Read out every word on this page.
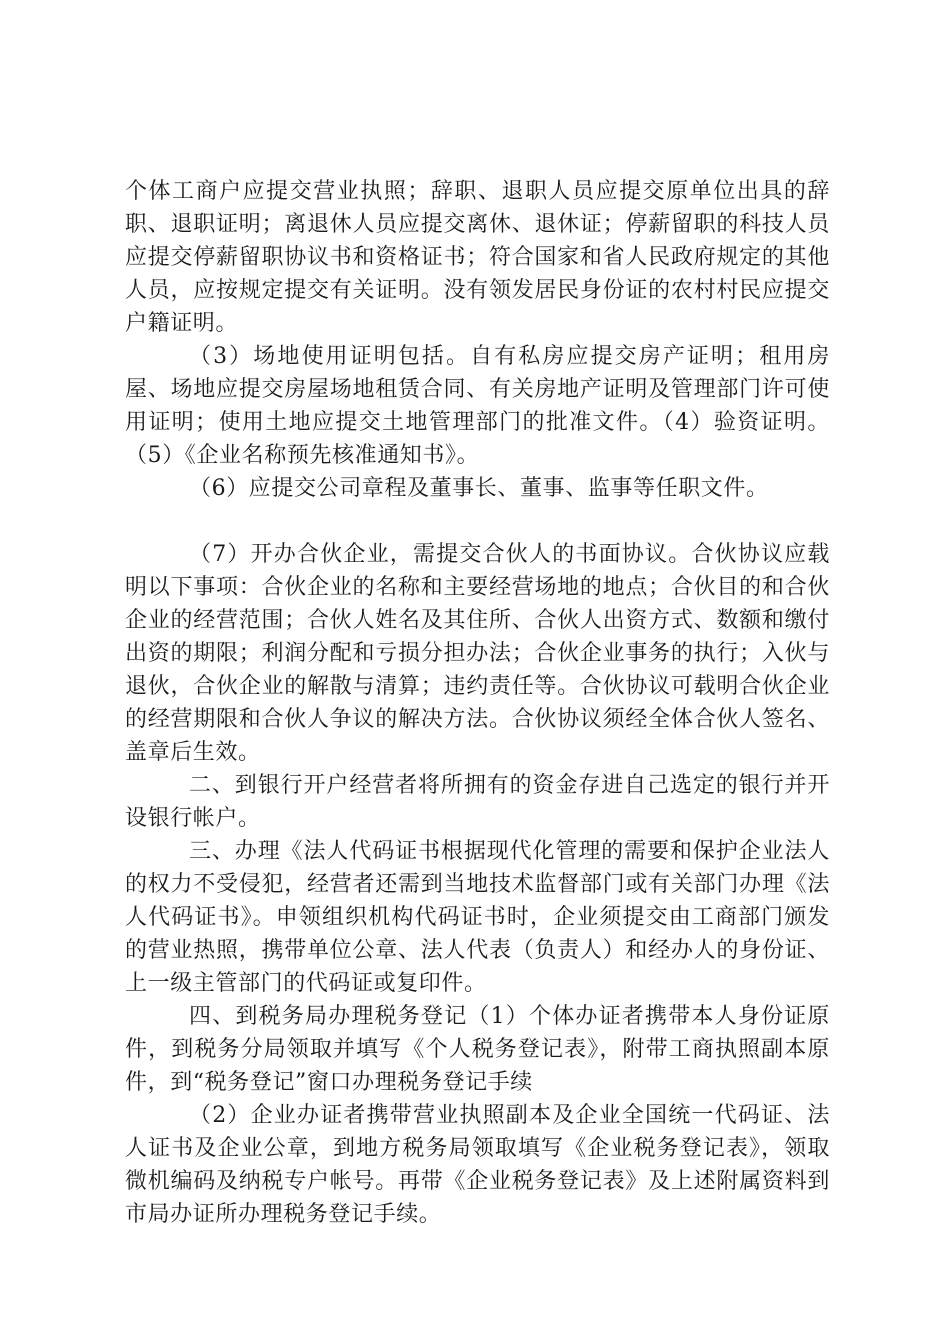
个体工商户应提交营业执照；辞职、退职人员应提交原单位出具的辞职、退职证明；离退休人员应提交离休、退休证；停薪留职的科技人员应提交停薪留职协议书和资格证书；符合国家和省人民政府规定的其他人员，应按规定提交有关证明。没有领发居民身份证的农村村民应提交户籍证明。

（3）场地使用证明包括。自有私房应提交房产证明；租用房屋、场地应提交房屋场地租赁合同、有关房地产证明及管理部门许可使用证明；使用土地应提交土地管理部门的批准文件。（4）验资证明。（5）《企业名称预先核准通知书》。

（6）应提交公司章程及董事长、董事、监事等任职文件。

（7）开办合伙企业，需提交合伙人的书面协议。合伙协议应载明以下事项：合伙企业的名称和主要经营场地的地点；合伙目的和合伙企业的经营范围；合伙人姓名及其住所、合伙人出资方式、数额和缴付出资的期限；利润分配和亏损分担办法；合伙企业事务的执行；入伙与退伙，合伙企业的解散与清算；违约责任等。合伙协议可载明合伙企业的经营期限和合伙人争议的解决方法。合伙协议须经全体合伙人签名、盖章后生效。

二、到银行开户经营者将所拥有的资金存进自己选定的银行并开设银行帐户。

三、办理《法人代码证书根据现代化管理的需要和保护企业法人的权力不受侵犯，经营者还需到当地技术监督部门或有关部门办理《法人代码证书》。申领组织机构代码证书时，企业须提交由工商部门颁发的营业热照，携带单位公章、法人代表（负责人）和经办人的身份证、上一级主管部门的代码证或复印件。

四、到税务局办理税务登记（1）个体办证者携带本人身份证原件，到税务分局领取并填写《个人税务登记表》，附带工商执照副本原件，到“税务登记”窗口办理税务登记手续

（2）企业办证者携带营业执照副本及企业全国统一代码证、法人证书及企业公章，到地方税务局领取填写《企业税务登记表》，领取微机编码及纳税专户帐号。再带《企业税务登记表》及上述附属资料到市局办证所办理税务登记手续。
